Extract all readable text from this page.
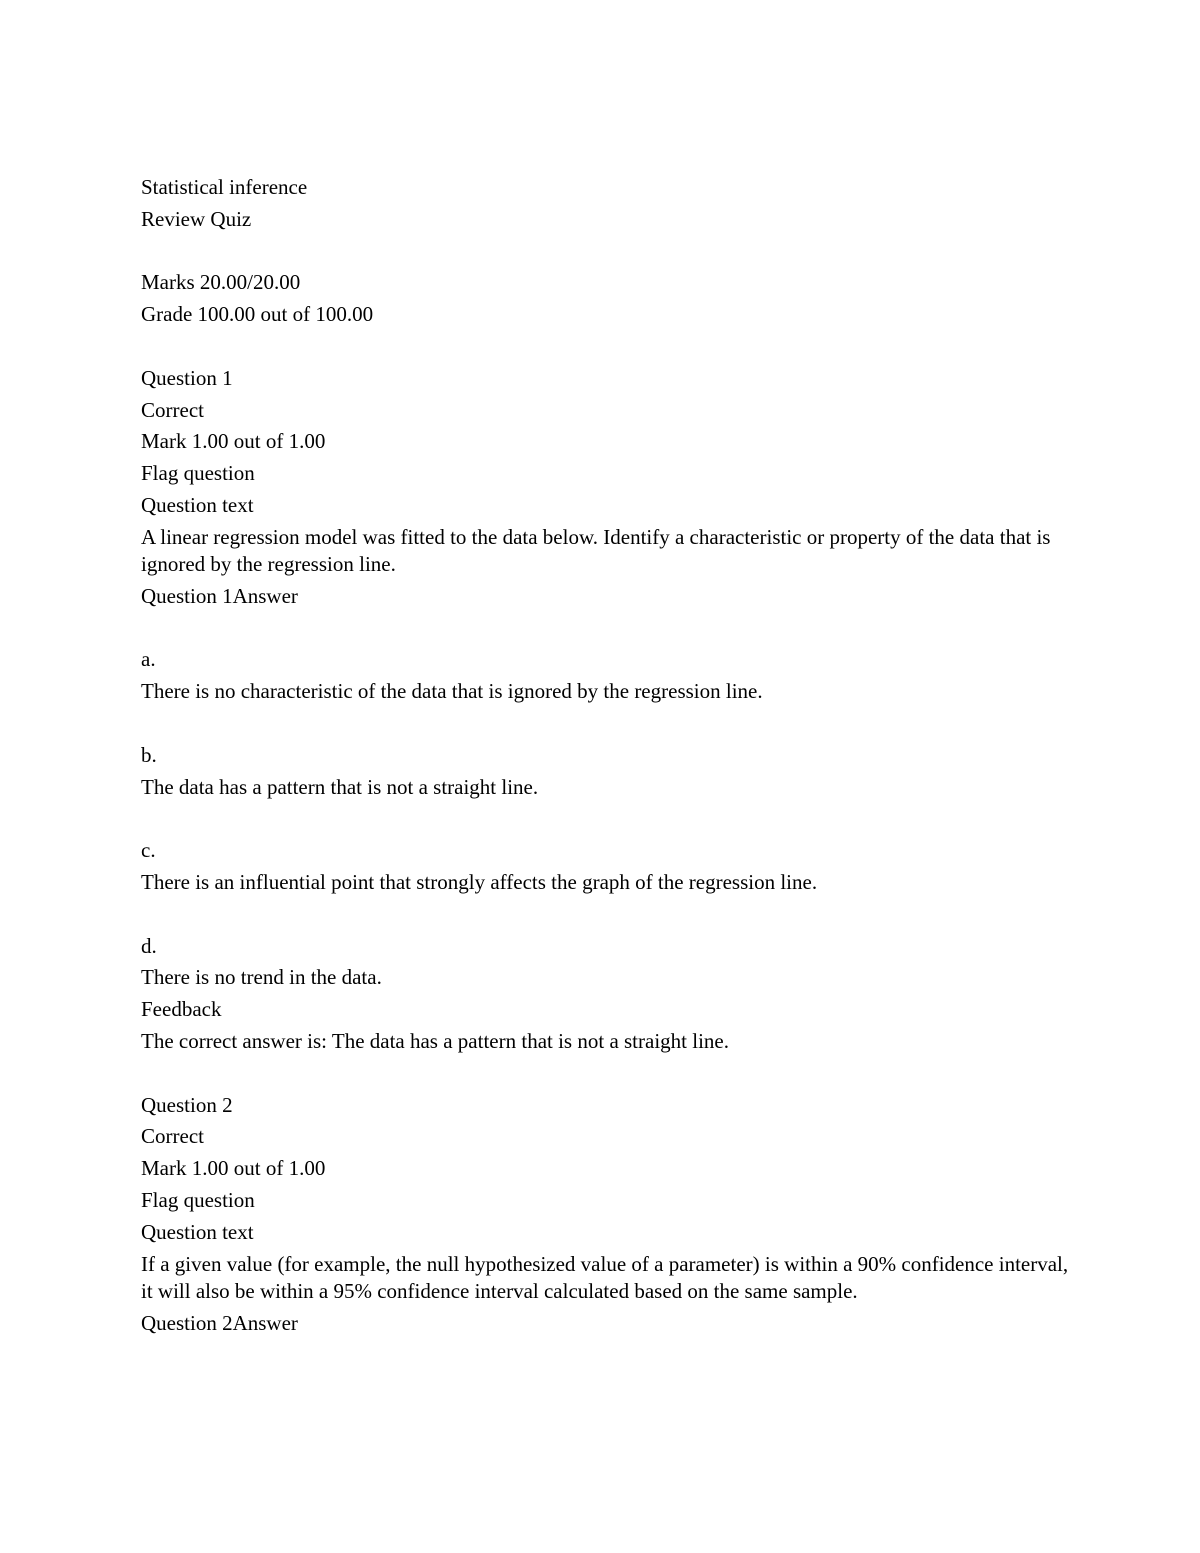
Statistical inference
Review Quiz
Marks 20.00/20.00
Grade 100.00 out of 100.00
Question 1
Correct
Mark 1.00 out of 1.00
Flag question
Question text
A linear regression model was fitted to the data below. Identify a characteristic or property of the data that is ignored by the regression line.
Question 1Answer
a.
There is no characteristic of the data that is ignored by the regression line.
b.
The data has a pattern that is not a straight line.
c.
There is an influential point that strongly affects the graph of the regression line.
d.
There is no trend in the data.
Feedback
The correct answer is: The data has a pattern that is not a straight line.
Question 2
Correct
Mark 1.00 out of 1.00
Flag question
Question text
If a given value (for example, the null hypothesized value of a parameter) is within a 90% confidence interval, it will also be within a 95% confidence interval calculated based on the same sample.
Question 2Answer
